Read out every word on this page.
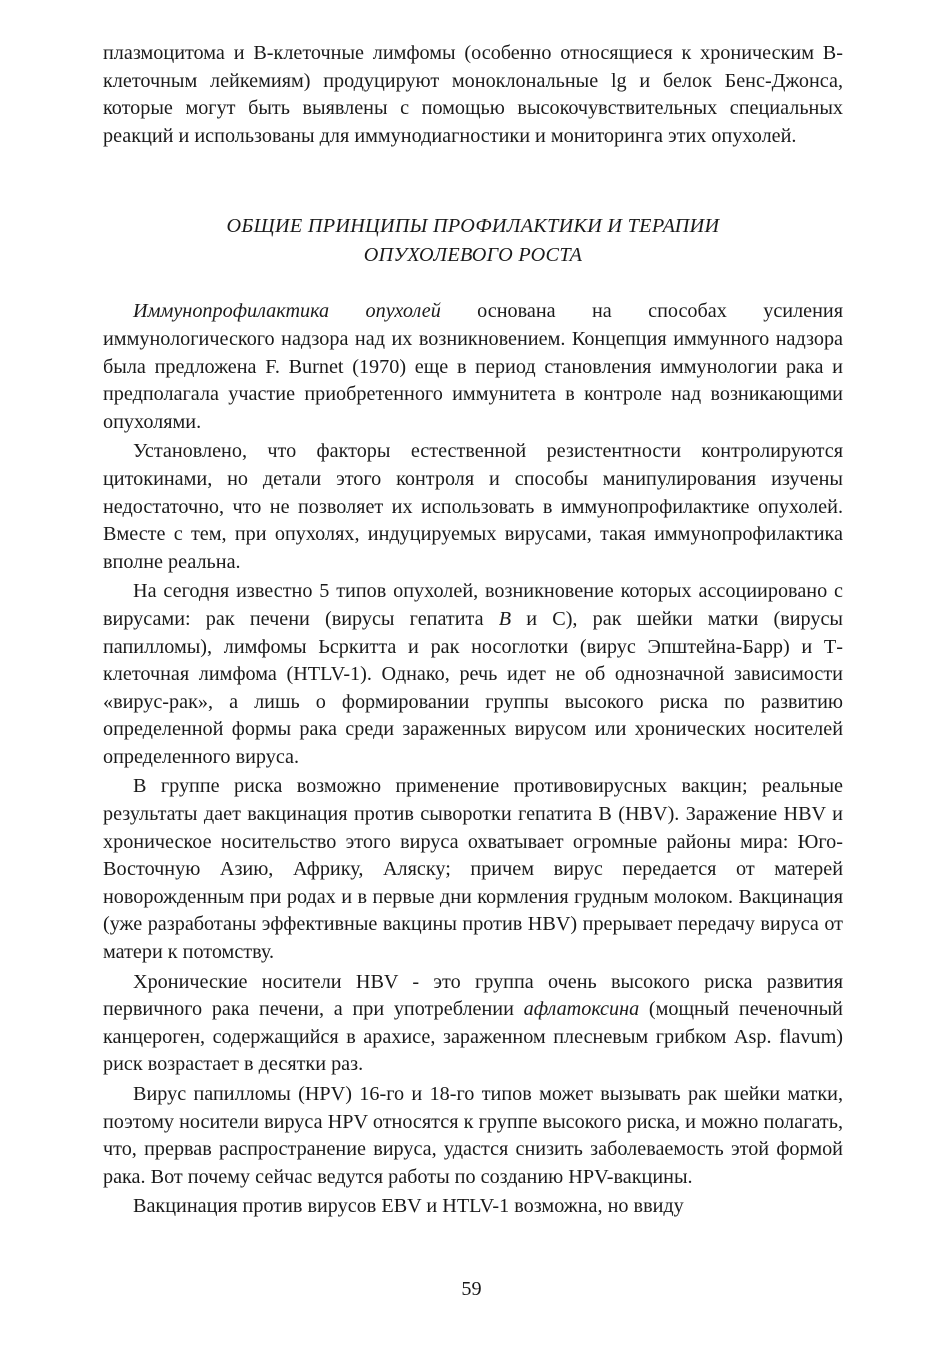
плазмоцитома и В-клеточные лимфомы (особенно относящиеся к хроническим В-клеточным лейкемиям) продуцируют моноклональные lg и белок Бенс-Джонса, которые могут быть выявлены с помощью высокочувствительных специальных реакций и использованы для иммунодиагностики и мониторинга этих опухолей.

ОБЩИЕ ПРИНЦИПЫ ПРОФИЛАКТИКИ И ТЕРАПИИ
ОПУХОЛЕВОГО РОСТА

Иммунопрофилактика опухолей основана на способах усиления иммунологического надзора над их возникновением. Концепция иммунного надзора была предложена F. Burnet (1970) еще в период становления иммунологии рака и предполагала участие приобретенного иммунитета в контроле над возникающими опухолями.

Установлено, что факторы естественной резистентности контролируются цитокинами, но детали этого контроля и способы манипулирования изучены недостаточно, что не позволяет их использовать в иммунопрофилактике опухолей. Вместе с тем, при опухолях, индуцируемых вирусами, такая иммунопрофилактика вполне реальна.

На сегодня известно 5 типов опухолей, возникновение которых ассоциировано с вирусами: рак печени (вирусы гепатита В и С), рак шейки матки (вирусы папилломы), лимфомы Ьсркитта и рак носоглотки (вирус Эпштейна-Барр) и Т-клеточная лимфома (HTLV-1). Однако, речь идет не об однозначной зависимости «вирус-рак», а лишь о формировании группы высокого риска по развитию определенной формы рака среди зараженных вирусом или хронических носителей определенного вируса.

В группе риска возможно применение противовирусных вакцин; реальные результаты дает вакцинация против сыворотки гепатита В (HBV). Заражение HBV и хроническое носительство этого вируса охватывает огромные районы мира: Юго-Восточную Азию, Африку, Аляску; причем вирус передается от матерей новорожденным при родах и в первые дни кормления грудным молоком. Вакцинация (уже разработаны эффективные вакцины против HBV) прерывает передачу вируса от матери к потомству.

Хронические носители HBV - это группа очень высокого риска развития первичного рака печени, а при употреблении афлатоксина (мощный печеночный канцероген, содержащийся в арахисе, зараженном плесневым грибком Asp. flavum) риск возрастает в десятки раз.

Вирус папилломы (HPV) 16-го и 18-го типов может вызывать рак шейки матки, поэтому носители вируса HPV относятся к группе высокого риска, и можно полагать, что, прервав распространение вируса, удастся снизить заболеваемость этой формой рака. Вот почему сейчас ведутся работы по созданию HPV-вакцины.

Вакцинация против вирусов EBV и HTLV-1 возможна, но ввиду

59
